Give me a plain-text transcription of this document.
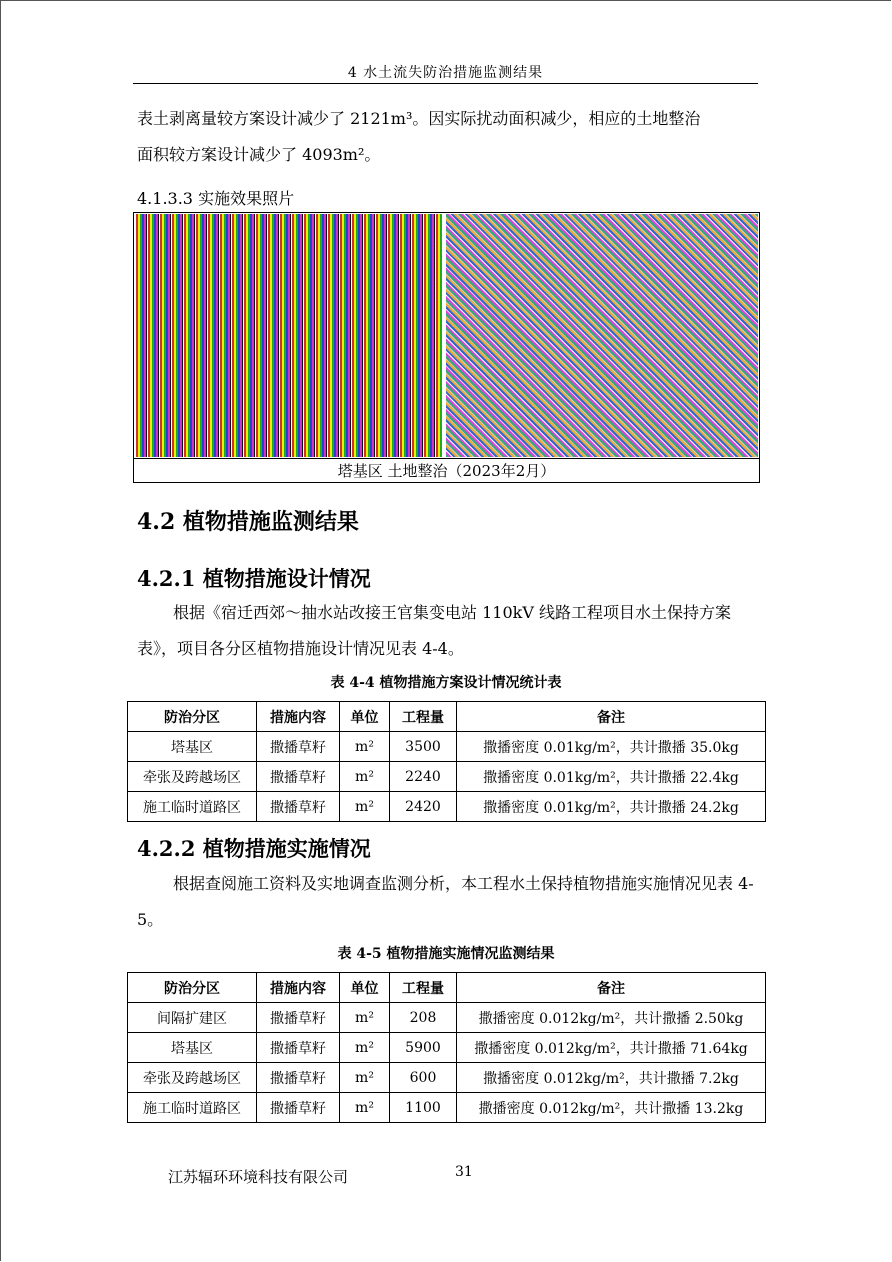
4 水土流失防治措施监测结果
表土剥离量较方案设计减少了 2121m³。因实际扰动面积减少，相应的土地整治
面积较方案设计减少了 4093m²。
4.1.3.3 实施效果照片
塔基区 土地整治（2023年2月）
4.2 植物措施监测结果
4.2.1 植物措施设计情况
根据《宿迁西郊～抽水站改接王官集变电站 110kV 线路工程项目水土保持方案表》，项目各分区植物措施设计情况见表 4-4。
表 4-4 植物措施方案设计情况统计表
防治分区	措施内容	单位	工程量	备注
塔基区	撒播草籽	m²	3500	撒播密度 0.01kg/m²，共计撒播 35.0kg
牵张及跨越场区	撒播草籽	m²	2240	撒播密度 0.01kg/m²，共计撒播 22.4kg
施工临时道路区	撒播草籽	m²	2420	撒播密度 0.01kg/m²，共计撒播 24.2kg
4.2.2 植物措施实施情况
根据查阅施工资料及实地调查监测分析，本工程水土保持植物措施实施情况见表 4-5。
表 4-5 植物措施实施情况监测结果
防治分区	措施内容	单位	工程量	备注
间隔扩建区	撒播草籽	m²	208	撒播密度 0.012kg/m²，共计撒播 2.50kg
塔基区	撒播草籽	m²	5900	撒播密度 0.012kg/m²，共计撒播 71.64kg
牵张及跨越场区	撒播草籽	m²	600	撒播密度 0.012kg/m²，共计撒播 7.2kg
施工临时道路区	撒播草籽	m²	1100	撒播密度 0.012kg/m²，共计撒播 13.2kg
江苏辐环环境科技有限公司	31
